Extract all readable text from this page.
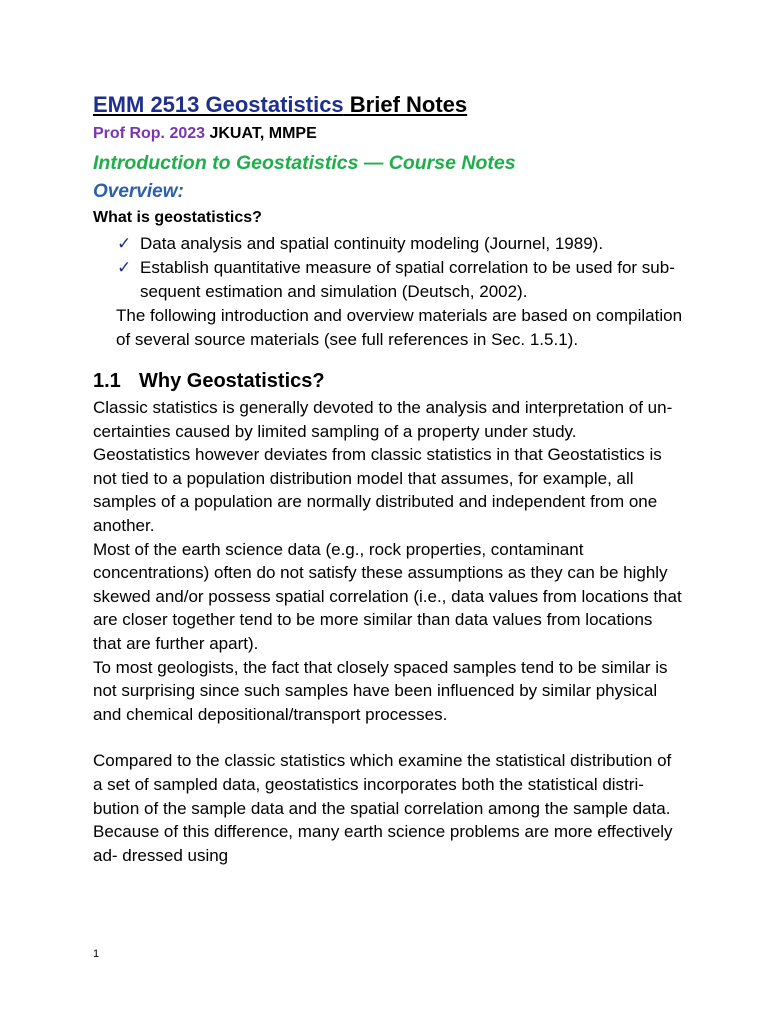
EMM 2513 Geostatistics Brief Notes
Prof Rop. 2023 JKUAT, MMPE
Introduction to Geostatistics — Course Notes
Overview:
What is geostatistics?
✓ Data analysis and spatial continuity modeling (Journel, 1989).
✓ Establish quantitative measure of spatial correlation to be used for sub- sequent estimation and simulation (Deutsch, 2002).

The following introduction and overview materials are based on compilation of several source materials (see full references in Sec. 1.5.1).

1.1 Why Geostatistics?

Classic statistics is generally devoted to the analysis and interpretation of un- certainties caused by limited sampling of a property under study.

Geostatistics however deviates from classic statistics in that Geostatistics is not tied to a population distribution model that assumes, for example, all samples of a population are normally distributed and independent from one another.

Most of the earth science data (e.g., rock properties, contaminant concentrations) often do not satisfy these assumptions as they can be highly skewed and/or possess spatial correlation (i.e., data values from locations that are closer together tend to be more similar than data values from locations that are further apart).

To most geologists, the fact that closely spaced samples tend to be similar is not surprising since such samples have been influenced by similar physical and chemical depositional/transport processes.

Compared to the classic statistics which examine the statistical distribution of a set of sampled data, geostatistics incorporates both the statistical distri- bution of the sample data and the spatial correlation among the sample data. Because of this difference, many earth science problems are more effectively ad- dressed using

1
